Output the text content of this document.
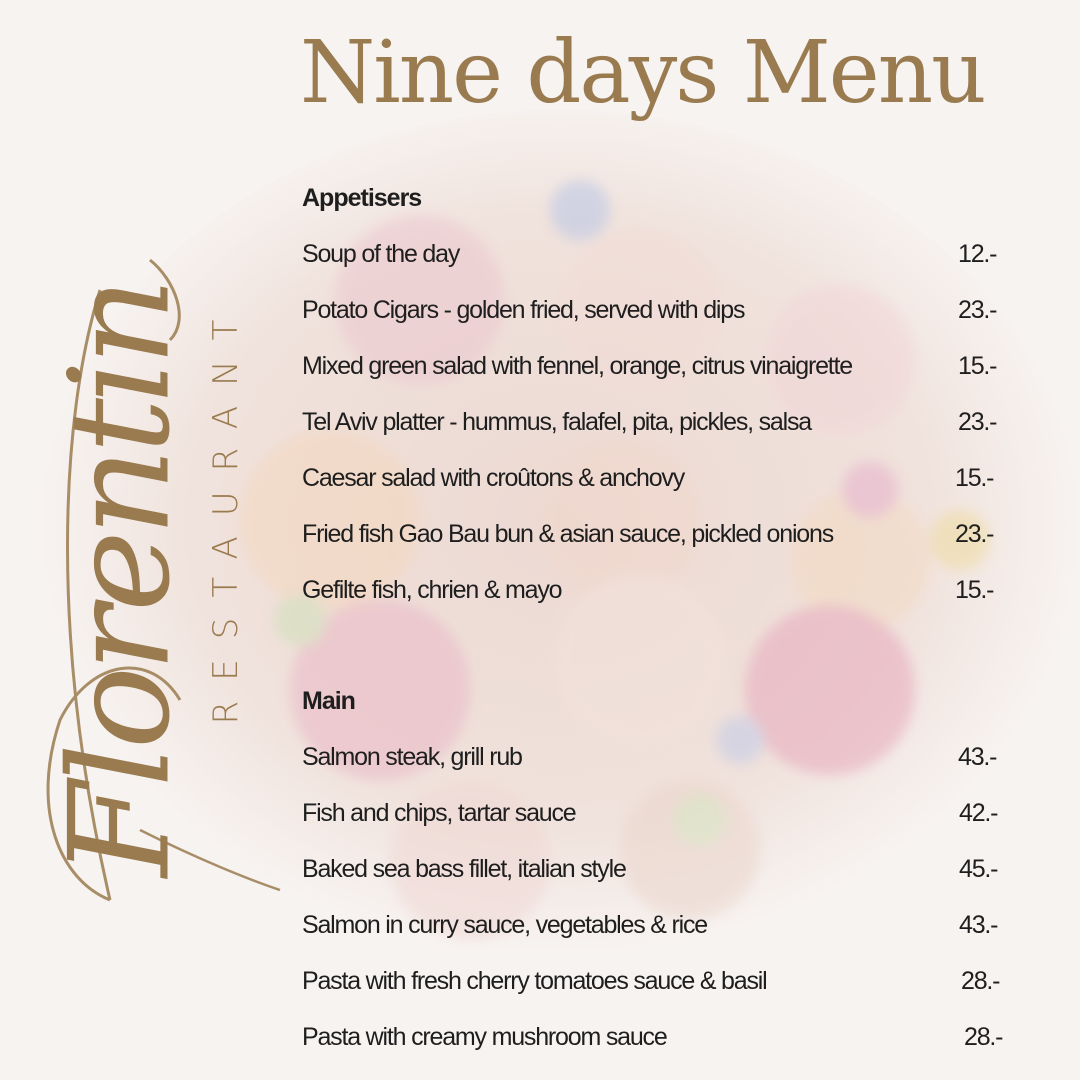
Florentin RESTAURANT
Nine days Menu
Appetisers
Soup of the day	12.-
Potato Cigars - golden fried, served with dips	23.-
Mixed green salad with fennel, orange, citrus vinaigrette	15.-
Tel Aviv platter - hummus, falafel, pita, pickles, salsa	23.-
Caesar salad with croûtons & anchovy	15.-
Fried fish Gao Bau bun & asian sauce, pickled onions	23.-
Gefilte fish, chrien & mayo	15.-
Main
Salmon steak, grill rub	43.-
Fish and chips, tartar sauce	42.-
Baked sea bass fillet, italian style	45.-
Salmon in curry sauce, vegetables & rice	43.-
Pasta with fresh cherry tomatoes sauce & basil	28.-
Pasta with creamy mushroom sauce	28.-
